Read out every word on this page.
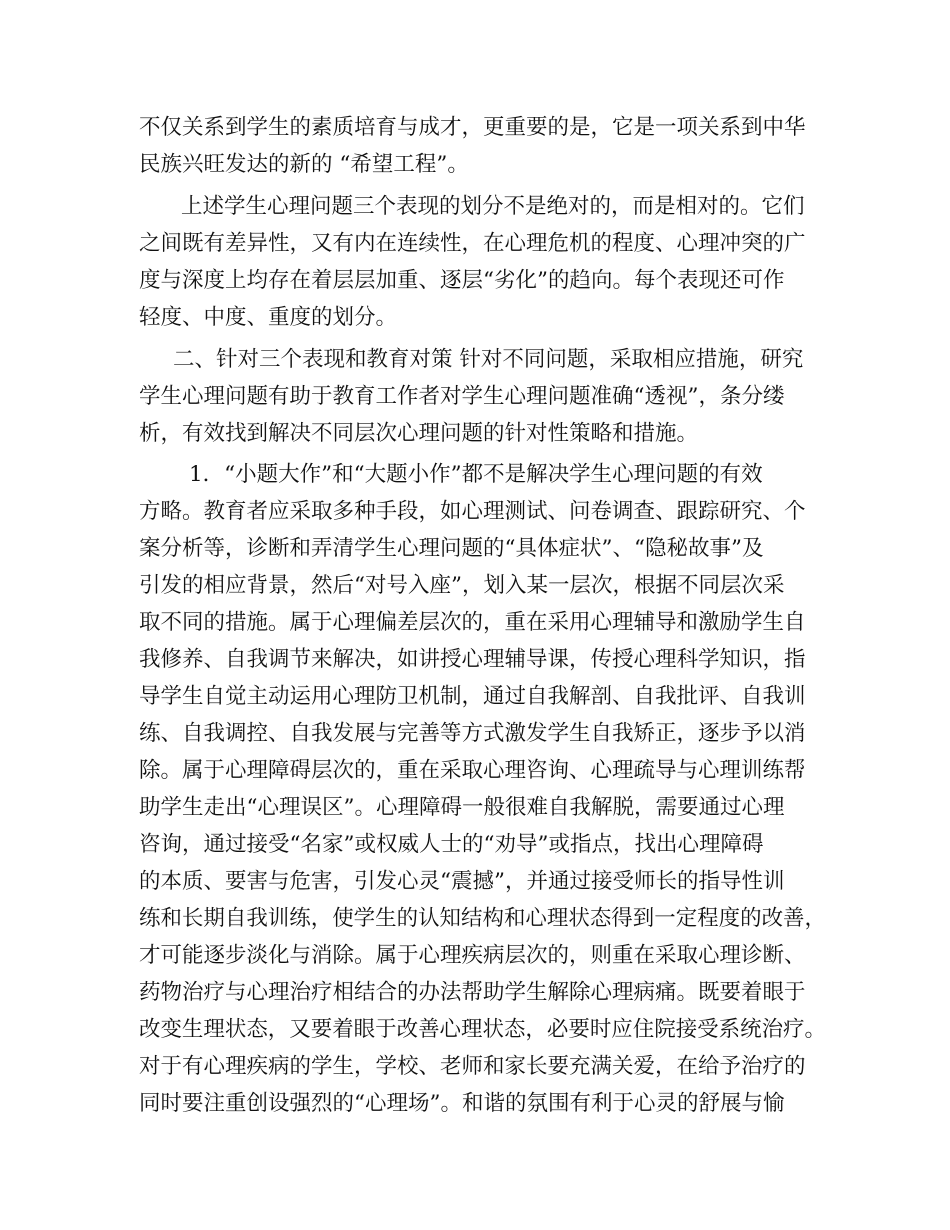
不仅关系到学生的素质培育与成才，更重要的是，它是一项关系到中华
民族兴旺发达的新的 “希望工程”。
上述学生心理问题三个表现的划分不是绝对的，而是相对的。它们
之间既有差异性，又有内在连续性，在心理危机的程度、心理冲突的广
度与深度上均存在着层层加重、逐层“劣化”的趋向。每个表现还可作
轻度、中度、重度的划分。
二、针对三个表现和教育对策 针对不同问题，采取相应措施，研究
学生心理问题有助于教育工作者对学生心理问题准确“透视”，条分缕
析，有效找到解决不同层次心理问题的针对性策略和措施。
1．“小题大作”和“大题小作”都不是解决学生心理问题的有效
方略。教育者应采取多种手段，如心理测试、问卷调查、跟踪研究、个
案分析等，诊断和弄清学生心理问题的“具体症状”、“隐秘故事”及
引发的相应背景，然后“对号入座”，划入某一层次，根据不同层次采
取不同的措施。属于心理偏差层次的，重在采用心理辅导和激励学生自
我修养、自我调节来解决，如讲授心理辅导课，传授心理科学知识，指
导学生自觉主动运用心理防卫机制，通过自我解剖、自我批评、自我训
练、自我调控、自我发展与完善等方式激发学生自我矫正，逐步予以消
除。属于心理障碍层次的，重在采取心理咨询、心理疏导与心理训练帮
助学生走出“心理误区”。心理障碍一般很难自我解脱，需要通过心理
咨询，通过接受“名家”或权威人士的“劝导”或指点，找出心理障碍
的本质、要害与危害，引发心灵“震撼”，并通过接受师长的指导性训
练和长期自我训练，使学生的认知结构和心理状态得到一定程度的改善，
才可能逐步淡化与消除。属于心理疾病层次的，则重在采取心理诊断、
药物治疗与心理治疗相结合的办法帮助学生解除心理病痛。既要着眼于
改变生理状态，又要着眼于改善心理状态，必要时应住院接受系统治疗。
对于有心理疾病的学生，学校、老师和家长要充满关爱，在给予治疗的
同时要注重创设强烈的“心理场”。和谐的氛围有利于心灵的舒展与愉
